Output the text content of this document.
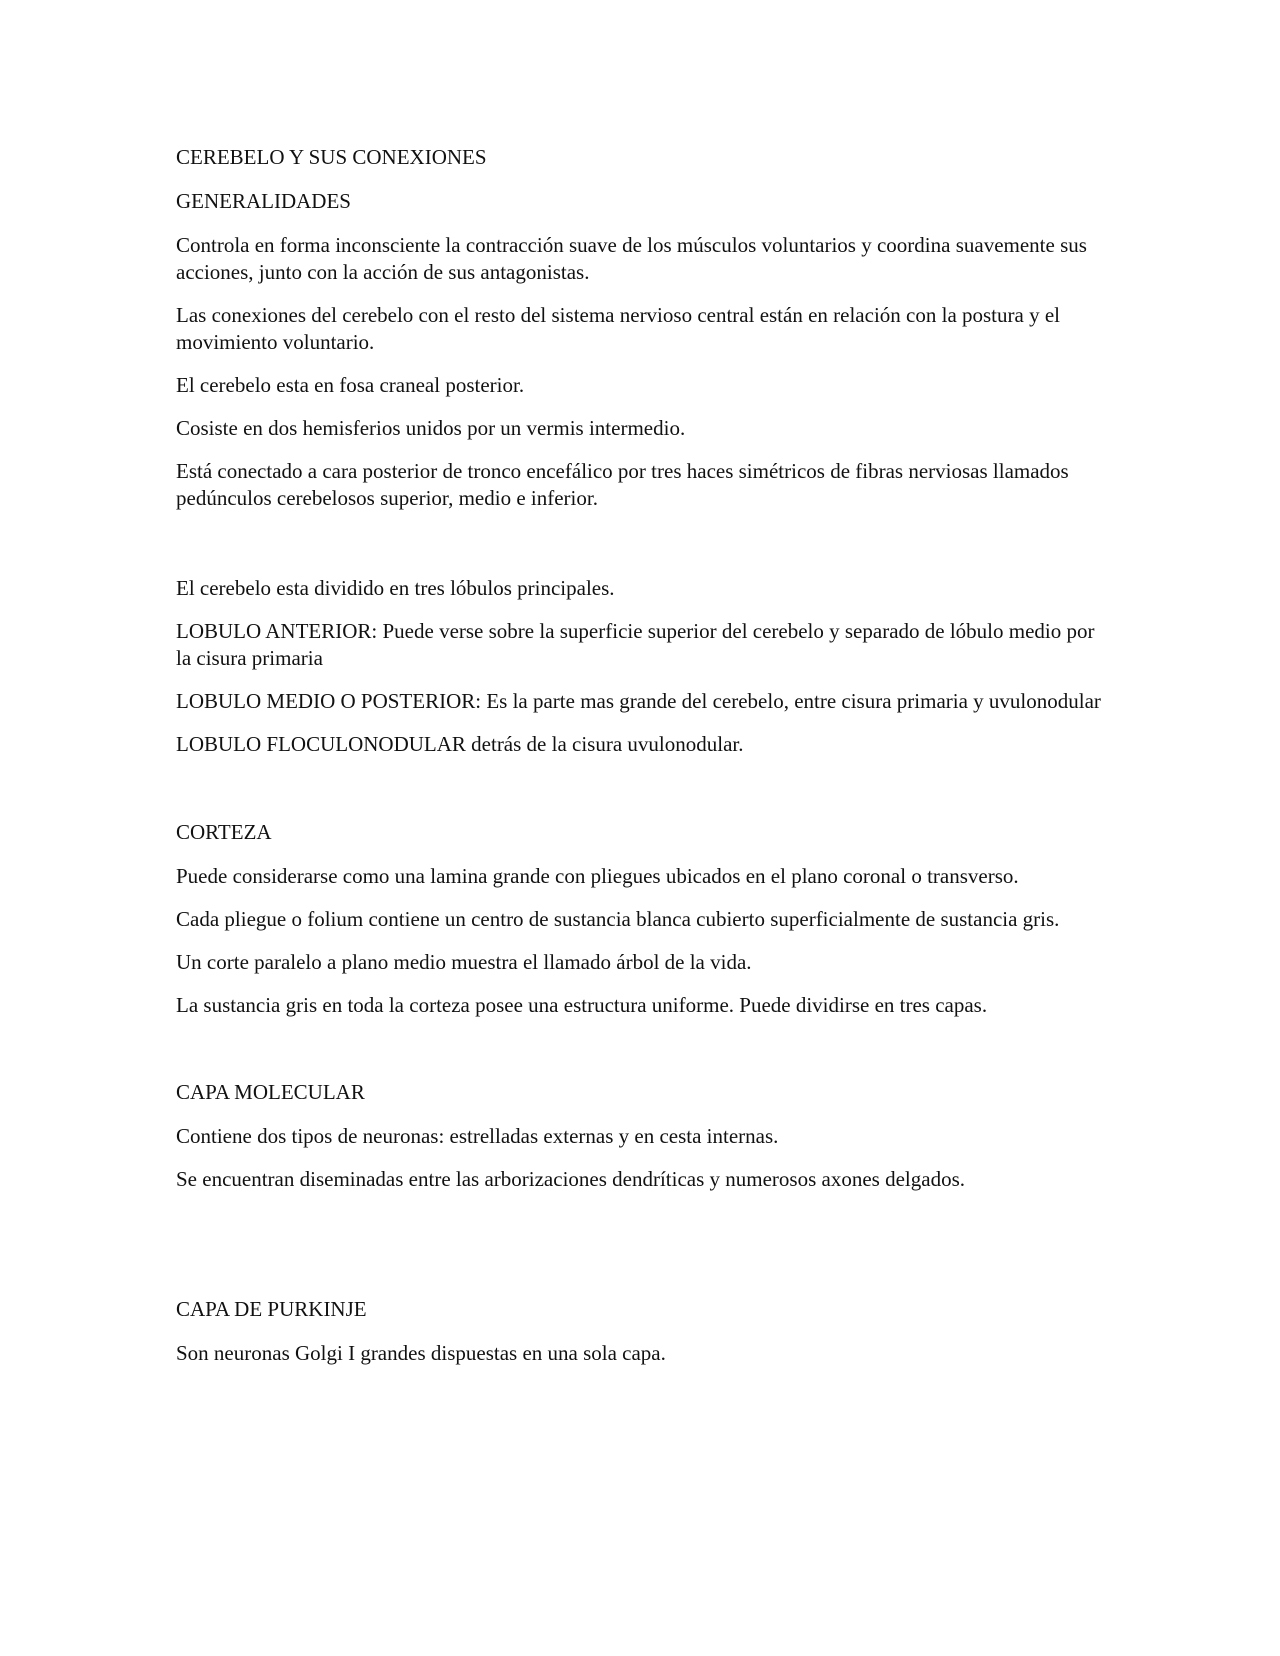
CEREBELO Y SUS CONEXIONES

GENERALIDADES

Controla en forma inconsciente la contracción suave de los músculos voluntarios y coordina suavemente sus acciones, junto con la acción de sus antagonistas.

Las conexiones del cerebelo con el resto del sistema nervioso central están en relación con la postura y el movimiento voluntario.

El cerebelo esta en fosa craneal posterior.

Cosiste en dos hemisferios unidos por un vermis intermedio.

Está conectado a cara posterior de tronco encefálico por tres haces simétricos de fibras nerviosas llamados pedúnculos cerebelosos superior, medio e inferior.

El cerebelo esta dividido en tres lóbulos principales.

LOBULO ANTERIOR: Puede verse sobre la superficie superior del cerebelo y separado de lóbulo medio por la cisura primaria

LOBULO MEDIO O POSTERIOR: Es la parte mas grande del cerebelo, entre cisura primaria y uvulonodular

LOBULO FLOCULONODULAR detrás de la cisura uvulonodular.

CORTEZA

Puede considerarse como una lamina grande con pliegues ubicados en el plano coronal o transverso.

Cada pliegue o folium contiene un centro de sustancia blanca cubierto superficialmente de sustancia gris.

Un corte paralelo a plano medio muestra el llamado árbol de la vida.

La sustancia gris en toda la corteza posee una estructura uniforme. Puede dividirse en tres capas.

CAPA MOLECULAR

Contiene dos tipos de neuronas: estrelladas externas y en cesta internas.

Se encuentran diseminadas entre las arborizaciones dendríticas y numerosos axones delgados.

CAPA DE PURKINJE

Son neuronas Golgi I grandes dispuestas en una sola capa.
